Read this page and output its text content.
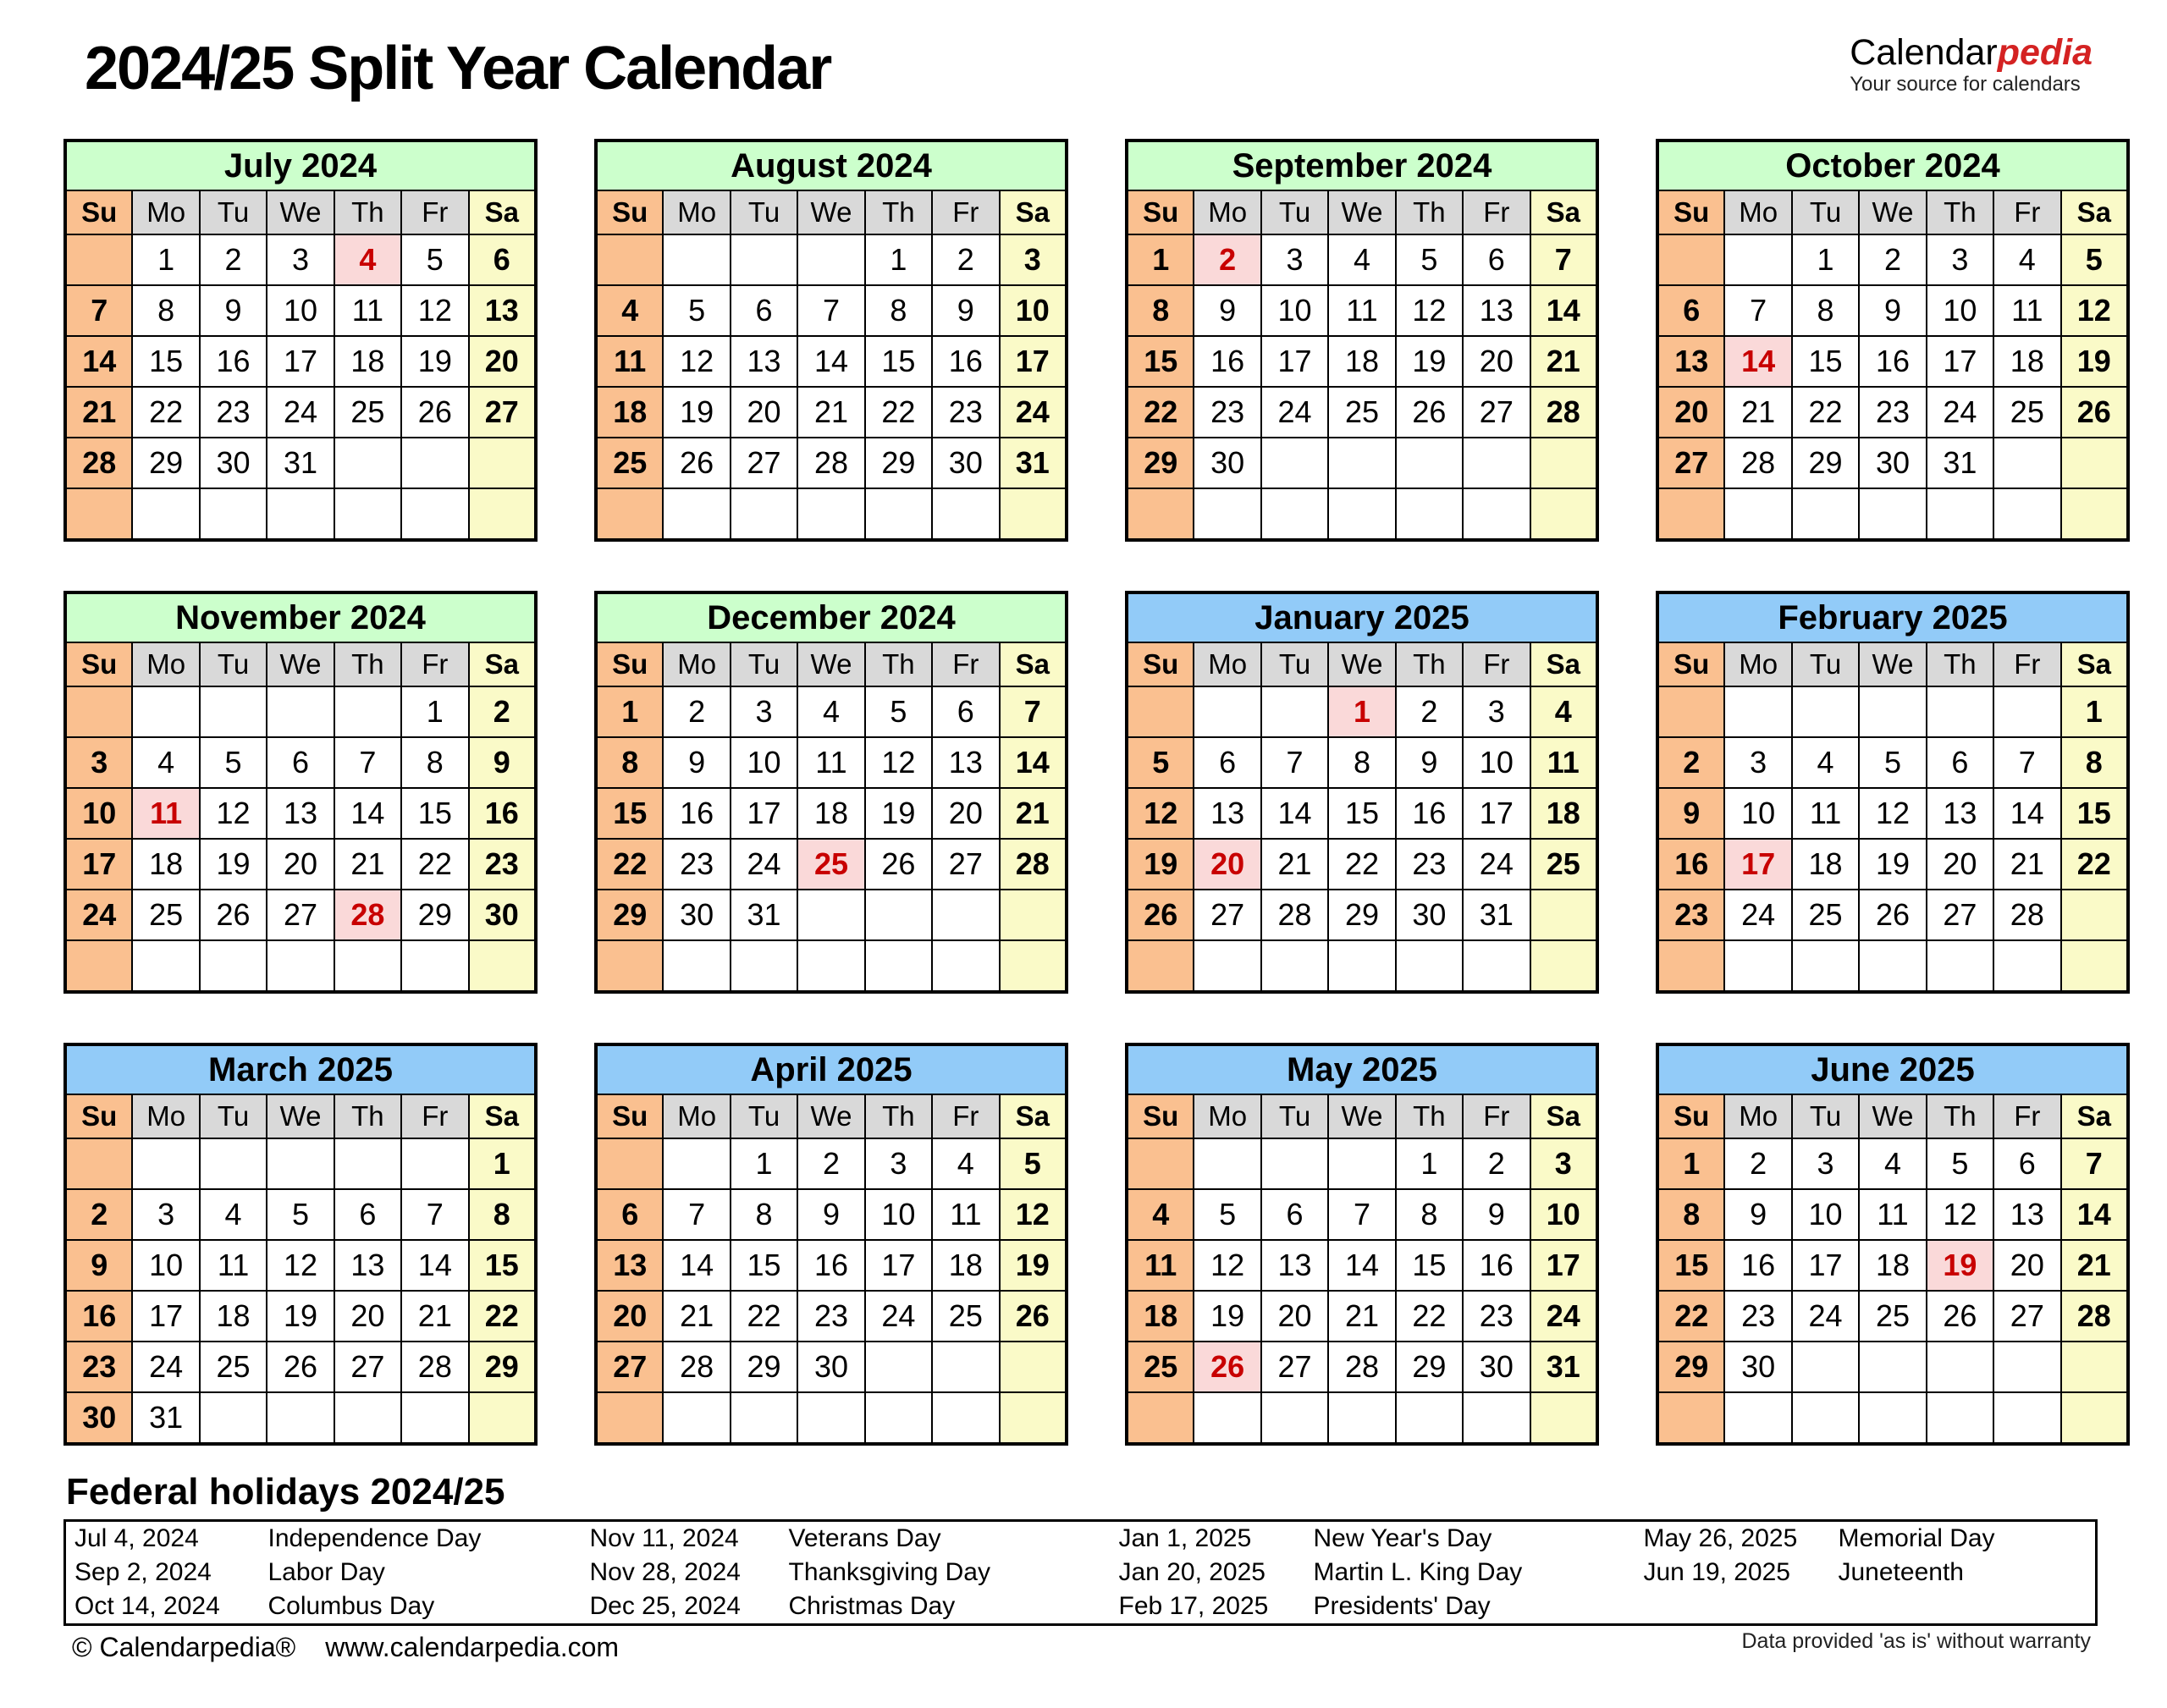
2024/25 Split Year Calendar	Calendarpedia
Your source for calendars
July 2024						
Su	Mo	Tu	We	Th	Fr	Sa
	1	2	3	4	5	6
7	8	9	10	11	12	13
14	15	16	17	18	19	20
21	22	23	24	25	26	27
28	29	30	31			

August 2024						
Su	Mo	Tu	We	Th	Fr	Sa
				1	2	3
4	5	6	7	8	9	10
11	12	13	14	15	16	17
18	19	20	21	22	23	24
25	26	27	28	29	30	31

September 2024						
Su	Mo	Tu	We	Th	Fr	Sa
1	2	3	4	5	6	7
8	9	10	11	12	13	14
15	16	17	18	19	20	21
22	23	24	25	26	27	28
29	30					

October 2024						
Su	Mo	Tu	We	Th	Fr	Sa
		1	2	3	4	5
6	7	8	9	10	11	12
13	14	15	16	17	18	19
20	21	22	23	24	25	26
27	28	29	30	31		

November 2024						
Su	Mo	Tu	We	Th	Fr	Sa
					1	2
3	4	5	6	7	8	9
10	11	12	13	14	15	16
17	18	19	20	21	22	23
24	25	26	27	28	29	30

December 2024						
Su	Mo	Tu	We	Th	Fr	Sa
1	2	3	4	5	6	7
8	9	10	11	12	13	14
15	16	17	18	19	20	21
22	23	24	25	26	27	28
29	30	31				

January 2025						
Su	Mo	Tu	We	Th	Fr	Sa
			1	2	3	4
5	6	7	8	9	10	11
12	13	14	15	16	17	18
19	20	21	22	23	24	25
26	27	28	29	30	31	

February 2025						
Su	Mo	Tu	We	Th	Fr	Sa
						1
2	3	4	5	6	7	8
9	10	11	12	13	14	15
16	17	18	19	20	21	22
23	24	25	26	27	28	

March 2025						
Su	Mo	Tu	We	Th	Fr	Sa
						1
2	3	4	5	6	7	8
9	10	11	12	13	14	15
16	17	18	19	20	21	22
23	24	25	26	27	28	29
30	31					
April 2025						
Su	Mo	Tu	We	Th	Fr	Sa
		1	2	3	4	5
6	7	8	9	10	11	12
13	14	15	16	17	18	19
20	21	22	23	24	25	26
27	28	29	30			

May 2025						
Su	Mo	Tu	We	Th	Fr	Sa
				1	2	3
4	5	6	7	8	9	10
11	12	13	14	15	16	17
18	19	20	21	22	23	24
25	26	27	28	29	30	31

June 2025						
Su	Mo	Tu	We	Th	Fr	Sa
1	2	3	4	5	6	7
8	9	10	11	12	13	14
15	16	17	18	19	20	21
22	23	24	25	26	27	28
29	30					

Federal holidays 2024/25
Jul 4, 2024	Independence Day	Nov 11, 2024	Veterans Day	Jan 1, 2025	New Year's Day	May 26, 2025	Memorial Day
Sep 2, 2024	Labor Day	Nov 28, 2024	Thanksgiving Day	Jan 20, 2025	Martin L. King Day	Jun 19, 2025	Juneteenth
Oct 14, 2024	Columbus Day	Dec 25, 2024	Christmas Day	Feb 17, 2025	Presidents' Day		
© Calendarpedia® www.calendarpedia.com	Data provided 'as is' without warranty
